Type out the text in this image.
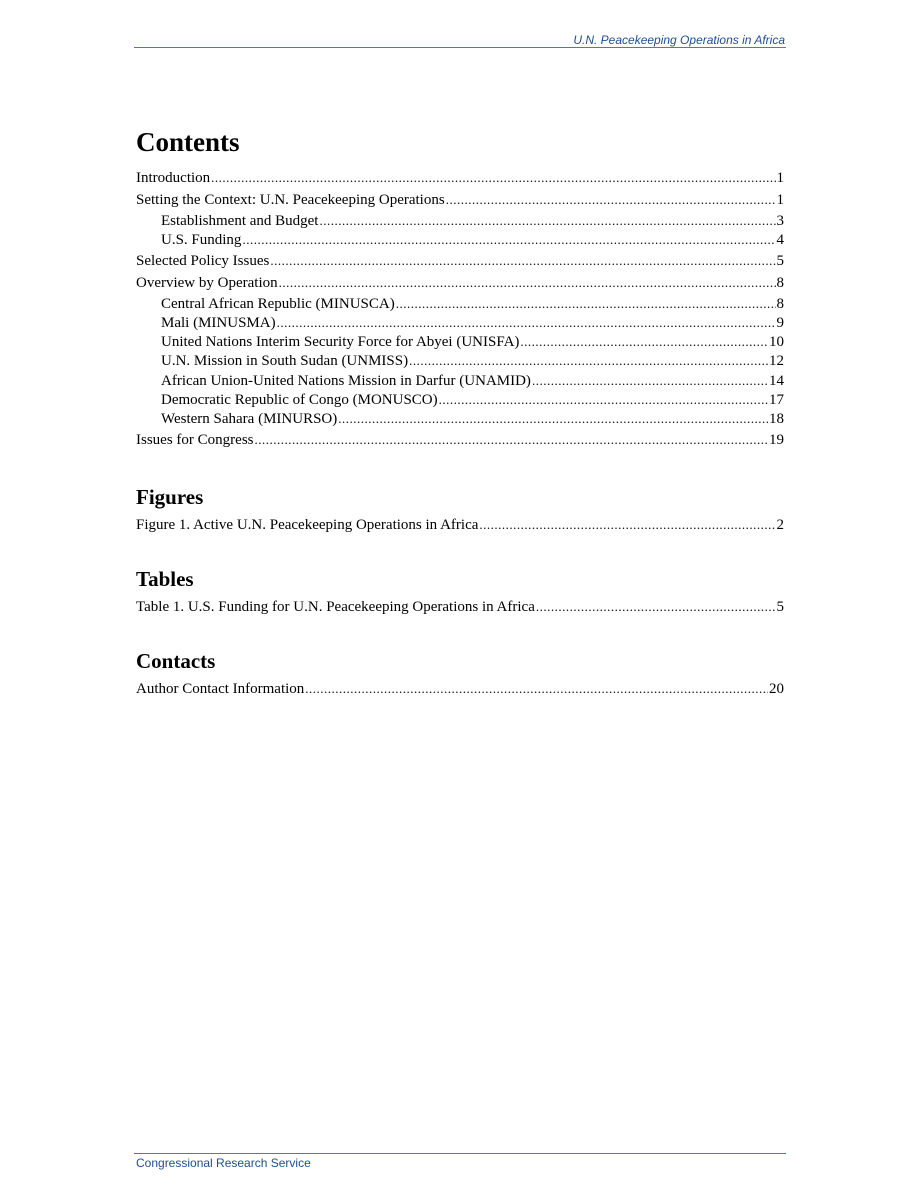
U.N. Peacekeeping Operations in Africa
Contents
Introduction .....	1
Setting the Context: U.N. Peacekeeping Operations .....	1
Establishment and Budget .....	3
U.S. Funding .....	4
Selected Policy Issues .....	5
Overview by Operation .....	8
Central African Republic (MINUSCA) .....	8
Mali (MINUSMA) .....	9
United Nations Interim Security Force for Abyei (UNISFA) .....	10
U.N. Mission in South Sudan (UNMISS) .....	12
African Union-United Nations Mission in Darfur (UNAMID) .....	14
Democratic Republic of Congo (MONUSCO) .....	17
Western Sahara (MINURSO) .....	18
Issues for Congress .....	19
Figures
Figure 1. Active U.N. Peacekeeping Operations in Africa .....	2
Tables
Table 1. U.S. Funding for U.N. Peacekeeping Operations in Africa .....	5
Contacts
Author Contact Information .....	20
Congressional Research Service
